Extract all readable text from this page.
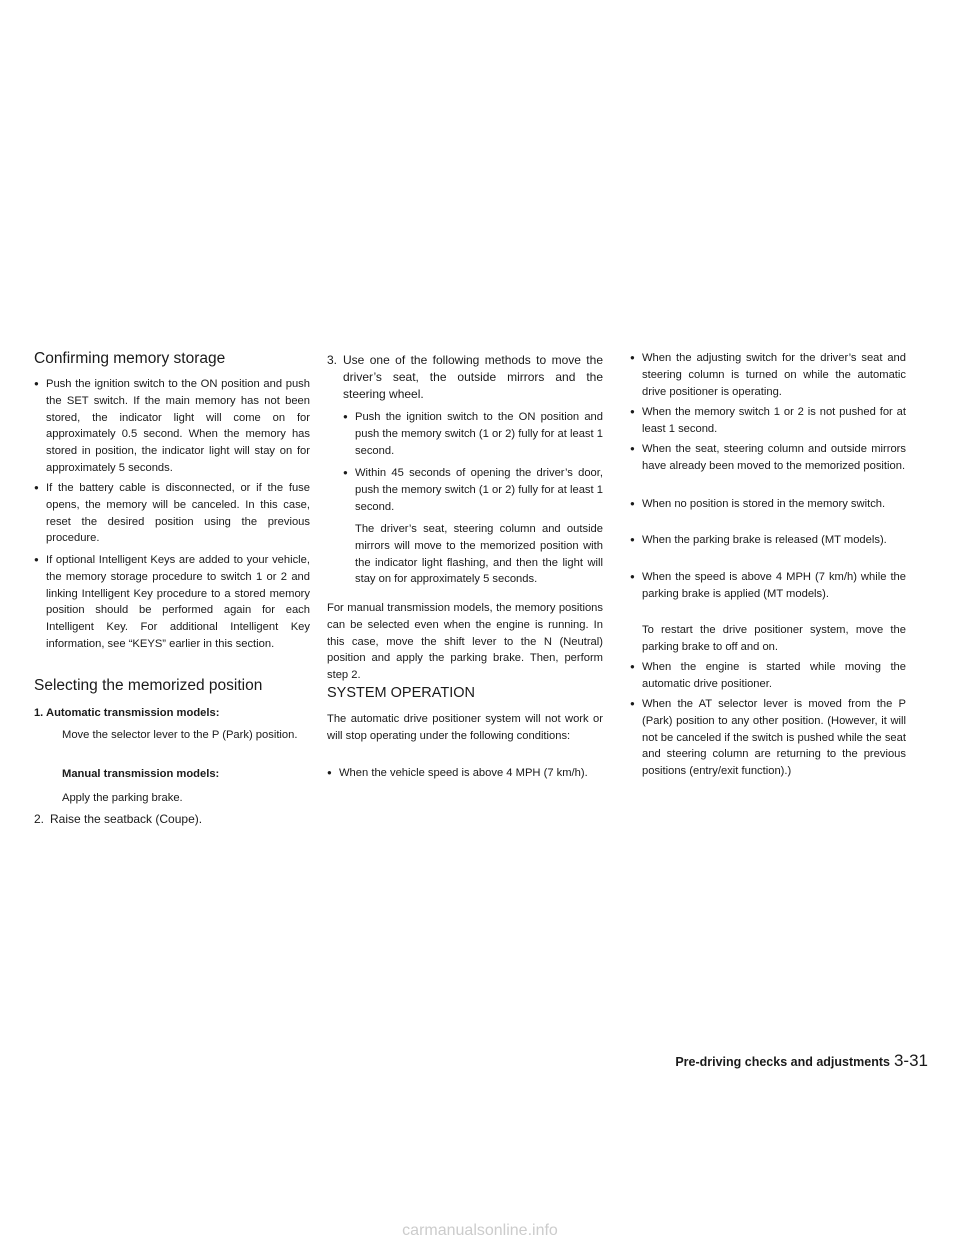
Confirming memory storage
● Push the ignition switch to the ON position and push the SET switch. If the main memory has not been stored, the indicator light will come on for approximately 0.5 second. When the memory has stored in position, the indicator light will stay on for approximately 5 seconds.
● If the battery cable is disconnected, or if the fuse opens, the memory will be canceled. In this case, reset the desired position using the previous procedure.
● If optional Intelligent Keys are added to your vehicle, the memory storage procedure to switch 1 or 2 and linking Intelligent Key procedure to a stored memory position should be performed again for each Intelligent Key. For additional Intelligent Key information, see “KEYS” earlier in this section.
Selecting the memorized position
1. Automatic transmission models:
Move the selector lever to the P (Park) position.
Manual transmission models:
Apply the parking brake.
2. Raise the seatback (Coupe).
3. Use one of the following methods to move the driver’s seat, the outside mirrors and the steering wheel.
● Push the ignition switch to the ON position and push the memory switch (1 or 2) fully for at least 1 second.
● Within 45 seconds of opening the driver’s door, push the memory switch (1 or 2) fully for at least 1 second.
The driver’s seat, steering column and outside mirrors will move to the memorized position with the indicator light flashing, and then the light will stay on for approximately 5 seconds.
For manual transmission models, the memory positions can be selected even when the engine is running. In this case, move the shift lever to the N (Neutral) position and apply the parking brake. Then, perform step 2.
SYSTEM OPERATION
The automatic drive positioner system will not work or will stop operating under the following conditions:
● When the vehicle speed is above 4 MPH (7 km/h).
● When the adjusting switch for the driver’s seat and steering column is turned on while the automatic drive positioner is operating.
● When the memory switch 1 or 2 is not pushed for at least 1 second.
● When the seat, steering column and outside mirrors have already been moved to the memorized position.
● When no position is stored in the memory switch.
● When the parking brake is released (MT models).
● When the speed is above 4 MPH (7 km/h) while the parking brake is applied (MT models).
To restart the drive positioner system, move the parking brake to off and on.
● When the engine is started while moving the automatic drive positioner.
● When the AT selector lever is moved from the P (Park) position to any other position. (However, it will not be canceled if the switch is pushed while the seat and steering column are returning to the previous positions (entry/exit function).)
Pre-driving checks and adjustments 3-31
carmanualsonline.info
